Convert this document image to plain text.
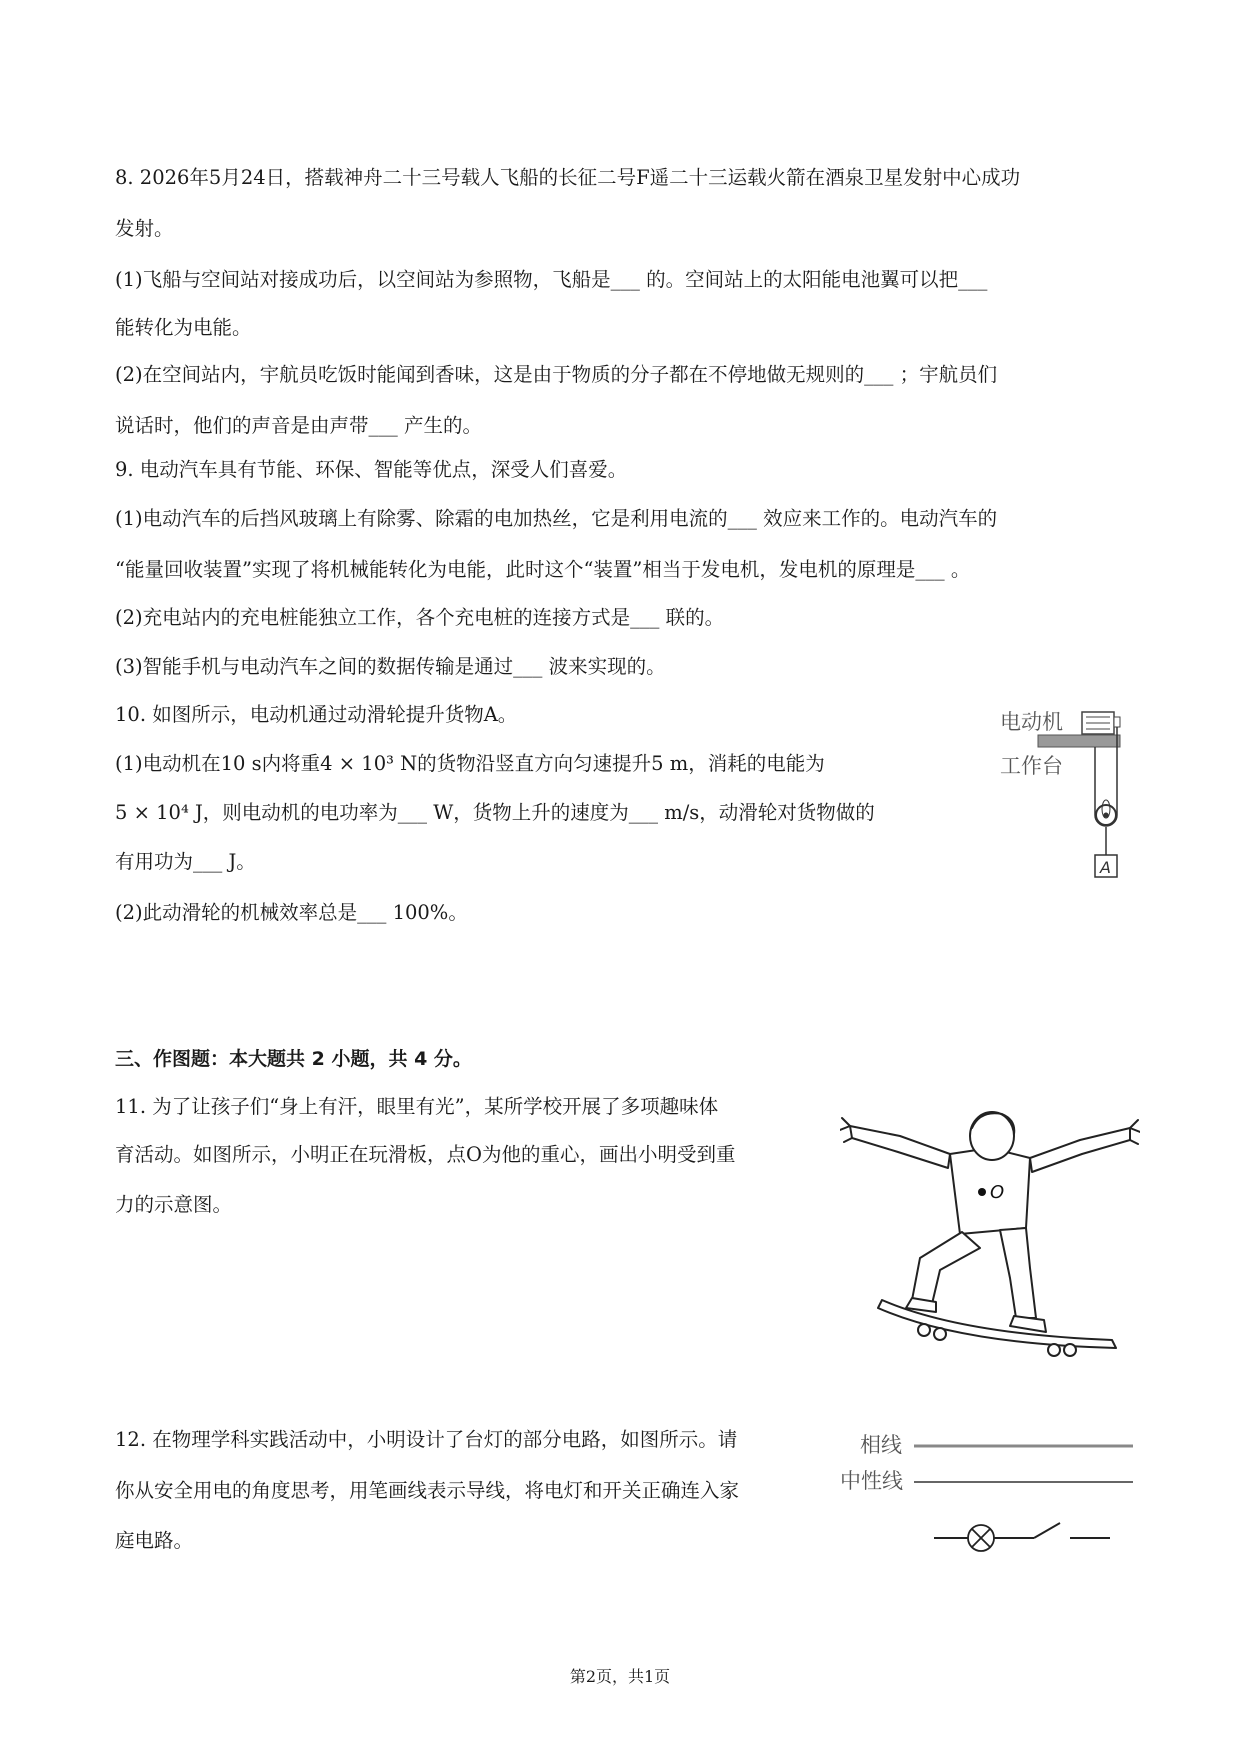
8. 2026年5月24日，搭载神舟二十三号载人飞船的长征二号F遥二十三运载火箭在酒泉卫星发射中心成功
发射。
(1)飞船与空间站对接成功后，以空间站为参照物，飞船是___ 的。空间站上的太阳能电池翼可以把___
能转化为电能。
(2)在空间站内，宇航员吃饭时能闻到香味，这是由于物质的分子都在不停地做无规则的___ ；宇航员们
说话时，他们的声音是由声带___ 产生的。
9. 电动汽车具有节能、环保、智能等优点，深受人们喜爱。
(1)电动汽车的后挡风玻璃上有除雾、除霜的电加热丝，它是利用电流的___ 效应来工作的。电动汽车的
“能量回收装置”实现了将机械能转化为电能，此时这个“装置”相当于发电机，发电机的原理是___ 。
(2)充电站内的充电桩能独立工作，各个充电桩的连接方式是___ 联的。
(3)智能手机与电动汽车之间的数据传输是通过___ 波来实现的。
10. 如图所示，电动机通过动滑轮提升货物A。
(1)电动机在10 s内将重4 × 10³ N的货物沿竖直方向匀速提升5 m，消耗的电能为
5 × 10⁴ J，则电动机的电功率为___ W，货物上升的速度为___ m/s，动滑轮对货物做的
有用功为___ J。
(2)此动滑轮的机械效率总是___ 100%。
电动机
工作台
A
三、作图题：本大题共 2 小题，共 4 分。
11. 为了让孩子们“身上有汗，眼里有光”，某所学校开展了多项趣味体
育活动。如图所示，小明正在玩滑板，点O为他的重心，画出小明受到重
力的示意图。
O
12. 在物理学科实践活动中，小明设计了台灯的部分电路，如图所示。请
你从安全用电的角度思考，用笔画线表示导线，将电灯和开关正确连入家
庭电路。
相线
中性线
第2页，共1页
